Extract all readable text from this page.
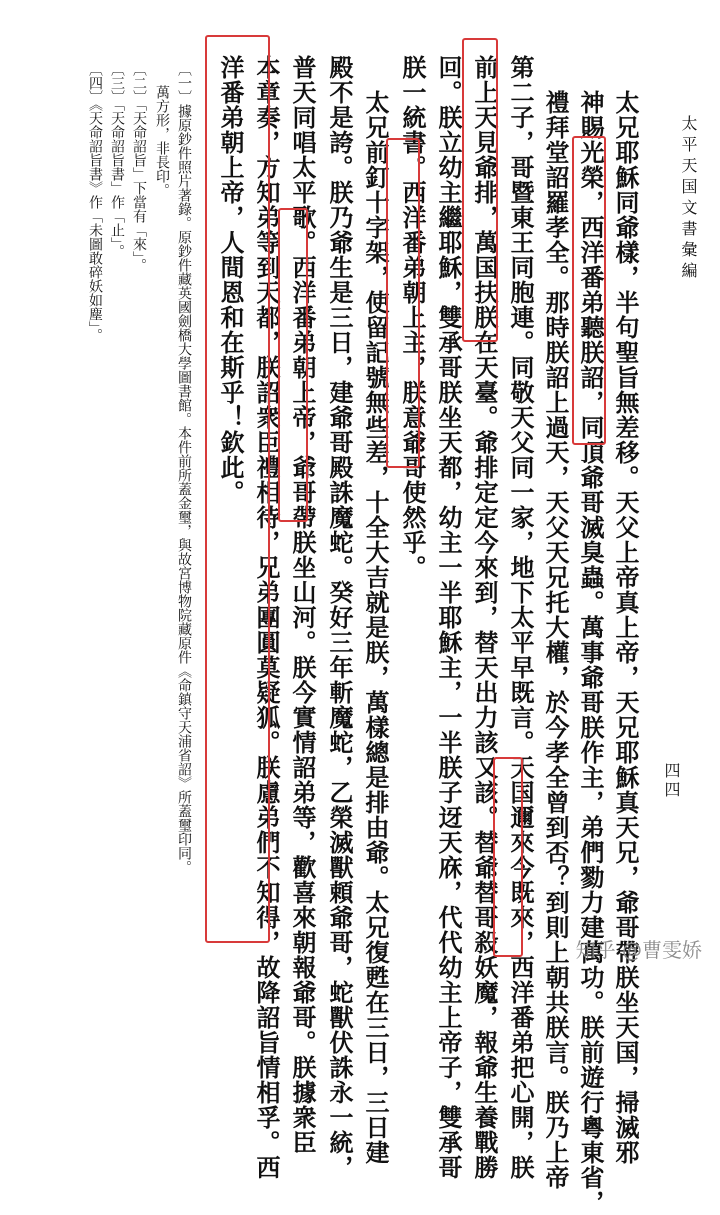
太平天国文書彙編
四四
太兄耶穌同爺樣，半句聖旨無差移。天父上帝真上帝，天兄耶穌真天兄，爺哥帶朕坐天国，掃滅邪
神賜光榮，西洋番弟聽朕詔，同頂爺哥滅臭蟲。萬事爺哥朕作主，弟們勠力建萬功。朕前遊行粵東省，
禮拜堂詔羅孝全。那時朕詔上過天，天父天兄托大權，於今孝全曾到否？到則上朝共朕言。朕乃上帝
第二子，哥暨東王同胞連。同敬天父同一家，地下太平早既言。天国邇來今既來，西洋番弟把心開，朕
前上天見爺排，萬国扶朕在天臺。爺排定定今來到，替天出力該又該。替爺替哥殺妖魔，報爺生養戰勝
回。朕立幼主繼耶穌，雙承哥朕坐天都，幼主一半耶穌主，一半朕子迓天庥，代代幼主上帝子，雙承哥
朕一統書。西洋番弟朝上主，朕意爺哥使然乎。
太兄前釘十字架，使留記號無些差，十全大吉就是朕，萬樣總是排由爺。太兄復甦在三日，三日建
殿不是誇。朕乃爺生是三日，建爺哥殿誅魔蛇。癸好三年斬魔蛇，乙榮滅獸頼爺哥，蛇獸伏誅永一統，
普天同唱太平歌。西洋番弟朝上帝，爺哥帶朕坐山河。朕今實情詔弟等，歡喜來朝報爺哥。朕據衆臣
本章奏，方知弟等到天都，朕詔衆臣禮相待，兄弟團圓莫疑狐。朕慮弟們不知得，故降詔旨情相孚。西
洋番弟朝上帝，人間恩和在斯乎！欽此。
〔一〕據原鈔件照片著錄。原鈔件藏英國劍橋大學圖書館。本件前所蓋金璽，與故宮博物院藏原件《命鎮守天浦省詔》所蓋璽印同。
萬方形，非長印。
〔二〕「天命詔旨」下當有「來」。
〔三〕「天命詔旨書」作「止」。
〔四〕《天命詔旨書》作「未圖敢碎妖如塵」。
知乎 @曹雯娇
